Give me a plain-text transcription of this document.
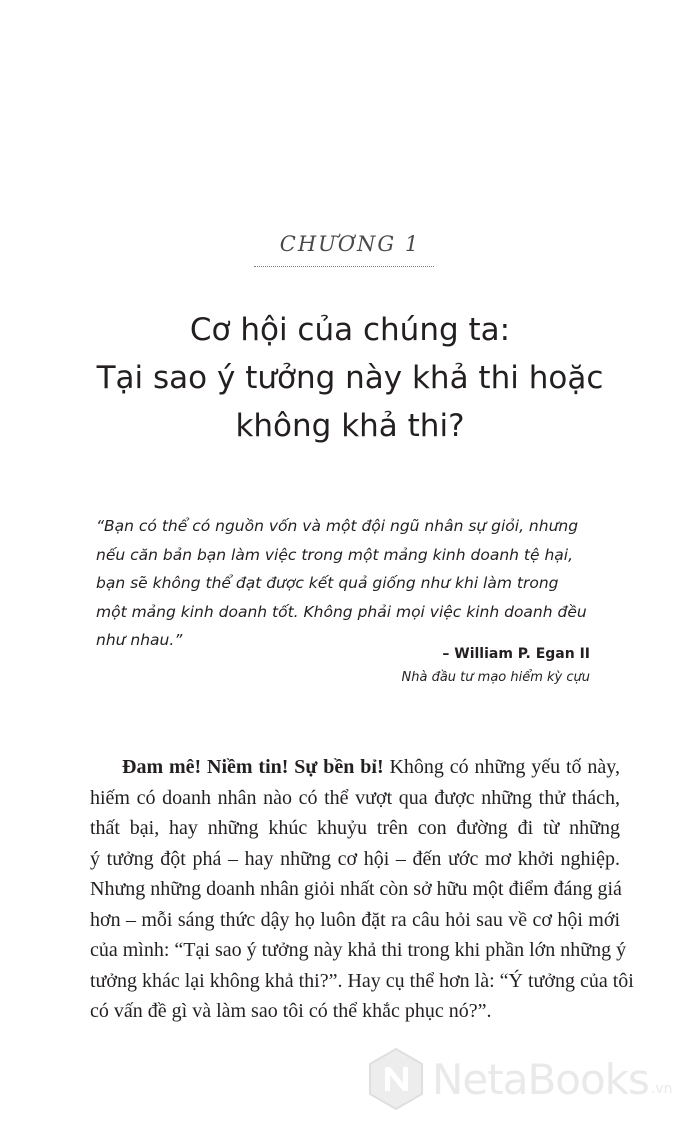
CHƯƠNG 1
Cơ hội của chúng ta:
Tại sao ý tưởng này khả thi hoặc
không khả thi?
“Bạn có thể có nguồn vốn và một đội ngũ nhân sự giỏi, nhưng
nếu căn bản bạn làm việc trong một mảng kinh doanh tệ hại,
bạn sẽ không thể đạt được kết quả giống như khi làm trong
một mảng kinh doanh tốt. Không phải mọi việc kinh doanh đều
như nhau.”
– William P. Egan II
Nhà đầu tư mạo hiểm kỳ cựu
Đam mê! Niềm tin! Sự bền bỉ! Không có những yếu tố này,
hiếm có doanh nhân nào có thể vượt qua được những thử thách,
thất bại, hay những khúc khuỷu trên con đường đi từ những
ý tưởng đột phá – hay những cơ hội – đến ước mơ khởi nghiệp.
Nhưng những doanh nhân giỏi nhất còn sở hữu một điểm đáng giá
hơn – mỗi sáng thức dậy họ luôn đặt ra câu hỏi sau về cơ hội mới
của mình: “Tại sao ý tưởng này khả thi trong khi phần lớn những ý
tưởng khác lại không khả thi?”. Hay cụ thể hơn là: “Ý tưởng của tôi
có vấn đề gì và làm sao tôi có thể khắc phục nó?”.
NetaBooks .vn
